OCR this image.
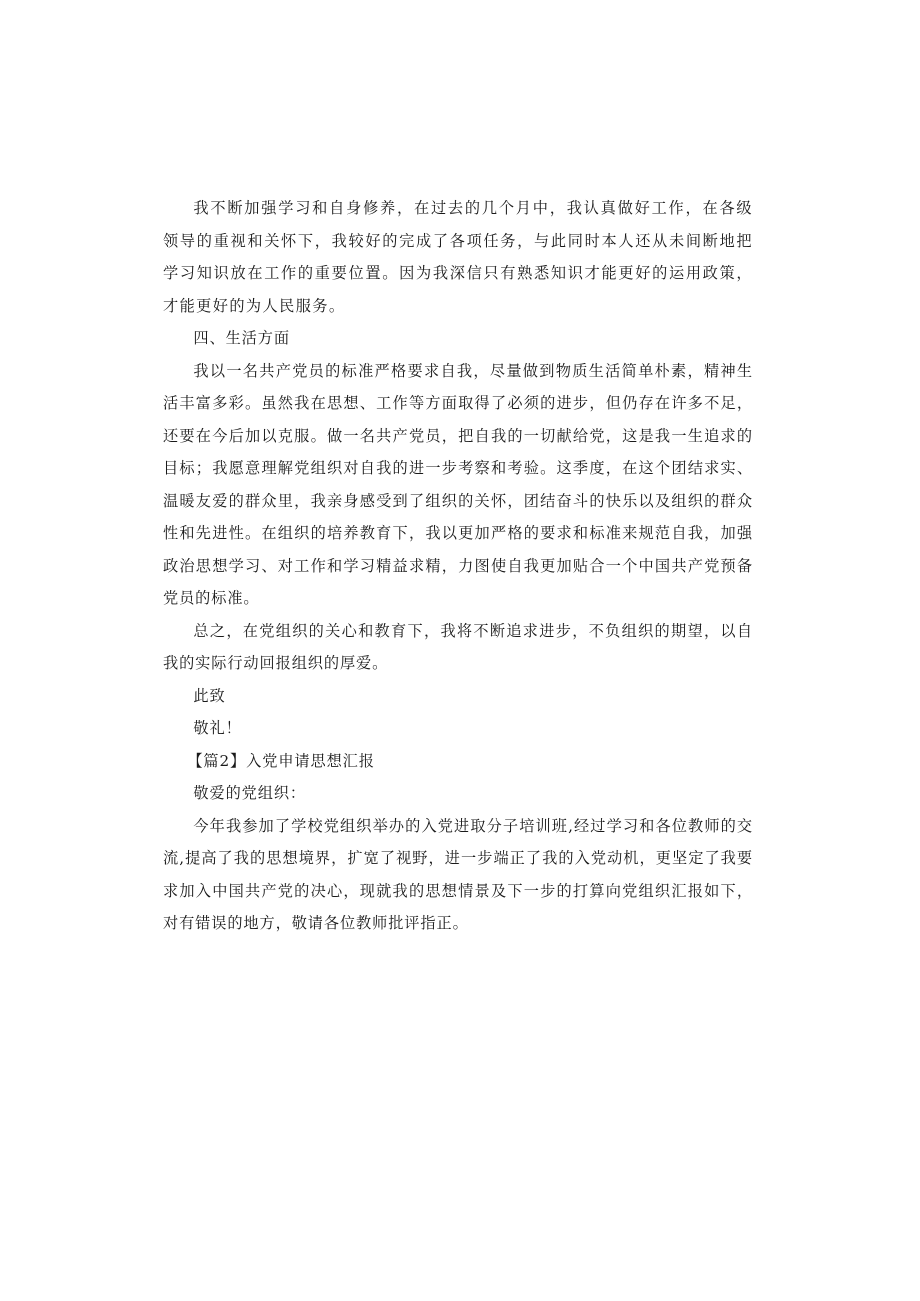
我不断加强学习和自身修养，在过去的几个月中，我认真做好工作，在各级领导的重视和关怀下，我较好的完成了各项任务，与此同时本人还从未间断地把学习知识放在工作的重要位置。因为我深信只有熟悉知识才能更好的运用政策，才能更好的为人民服务。

四、生活方面

我以一名共产党员的标准严格要求自我，尽量做到物质生活简单朴素，精神生活丰富多彩。虽然我在思想、工作等方面取得了必须的进步，但仍存在许多不足，还要在今后加以克服。做一名共产党员，把自我的一切献给党，这是我一生追求的目标；我愿意理解党组织对自我的进一步考察和考验。这季度，在这个团结求实、温暖友爱的群众里，我亲身感受到了组织的关怀，团结奋斗的快乐以及组织的群众性和先进性。在组织的培养教育下，我以更加严格的要求和标准来规范自我，加强政治思想学习、对工作和学习精益求精，力图使自我更加贴合一个中国共产党预备党员的标准。

总之，在党组织的关心和教育下，我将不断追求进步，不负组织的期望，以自我的实际行动回报组织的厚爱。

此致

敬礼！

【篇2】入党申请思想汇报

敬爱的党组织：

今年我参加了学校党组织举办的入党进取分子培训班,经过学习和各位教师的交流,提高了我的思想境界，扩宽了视野，进一步端正了我的入党动机，更坚定了我要求加入中国共产党的决心，现就我的思想情景及下一步的打算向党组织汇报如下，对有错误的地方，敬请各位教师批评指正。
